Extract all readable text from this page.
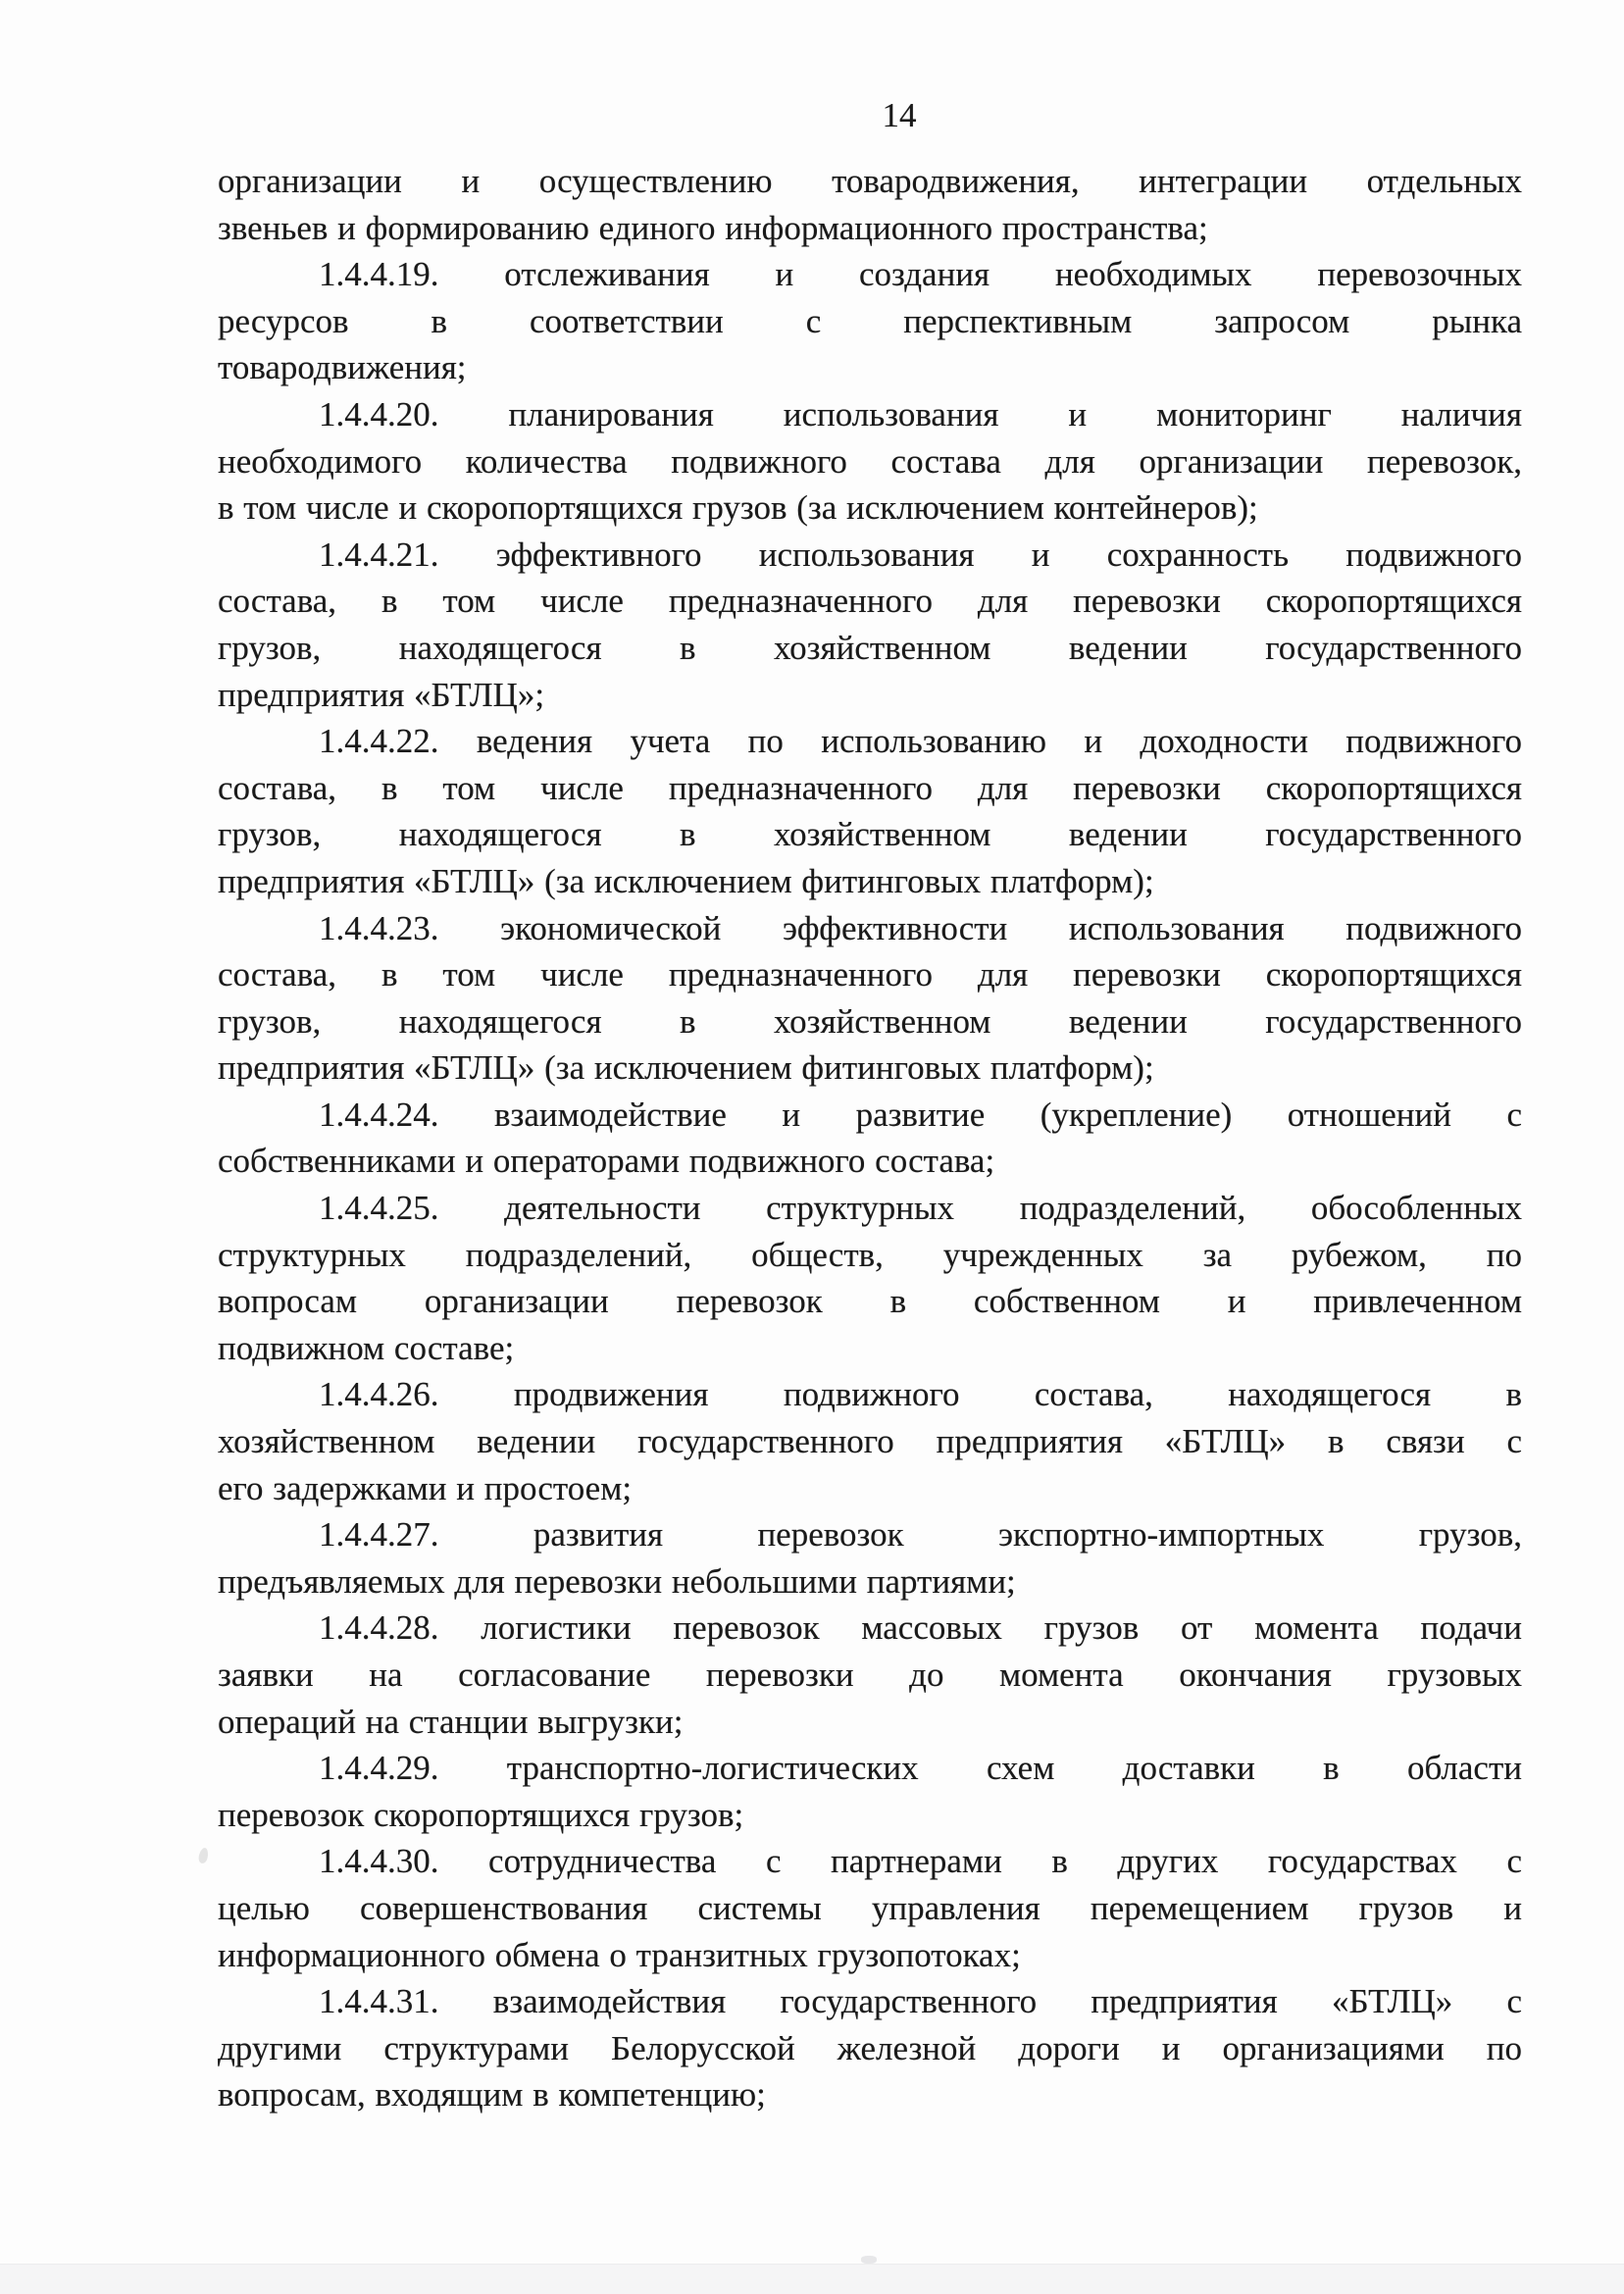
14
организации и осуществлению товародвижения, интеграции отдельных
звеньев и формированию единого информационного пространства;
1.4.4.19. отслеживания и создания необходимых перевозочных
ресурсов в соответствии с перспективным запросом рынка
товародвижения;
1.4.4.20. планирования использования и мониторинг наличия
необходимого количества подвижного состава для организации перевозок,
в том числе и скоропортящихся грузов (за исключением контейнеров);
1.4.4.21. эффективного использования и сохранность подвижного
состава, в том числе предназначенного для перевозки скоропортящихся
грузов, находящегося в хозяйственном ведении государственного
предприятия «БТЛЦ»;
1.4.4.22. ведения учета по использованию и доходности подвижного
состава, в том числе предназначенного для перевозки скоропортящихся
грузов, находящегося в хозяйственном ведении государственного
предприятия «БТЛЦ» (за исключением фитинговых платформ);
1.4.4.23. экономической эффективности использования подвижного
состава, в том числе предназначенного для перевозки скоропортящихся
грузов, находящегося в хозяйственном ведении государственного
предприятия «БТЛЦ» (за исключением фитинговых платформ);
1.4.4.24. взаимодействие и развитие (укрепление) отношений с
собственниками и операторами подвижного состава;
1.4.4.25. деятельности структурных подразделений, обособленных
структурных подразделений, обществ, учрежденных за рубежом, по
вопросам организации перевозок в собственном и привлеченном
подвижном составе;
1.4.4.26. продвижения подвижного состава, находящегося в
хозяйственном ведении государственного предприятия «БТЛЦ» в связи с
его задержками и простоем;
1.4.4.27. развития перевозок экспортно-импортных грузов,
предъявляемых для перевозки небольшими партиями;
1.4.4.28. логистики перевозок массовых грузов от момента подачи
заявки на согласование перевозки до момента окончания грузовых
операций на станции выгрузки;
1.4.4.29. транспортно-логистических схем доставки в области
перевозок скоропортящихся грузов;
1.4.4.30. сотрудничества с партнерами в других государствах с
целью совершенствования системы управления перемещением грузов и
информационного обмена о транзитных грузопотоках;
1.4.4.31. взаимодействия государственного предприятия «БТЛЦ» с
другими структурами Белорусской железной дороги и организациями по
вопросам, входящим в компетенцию;
